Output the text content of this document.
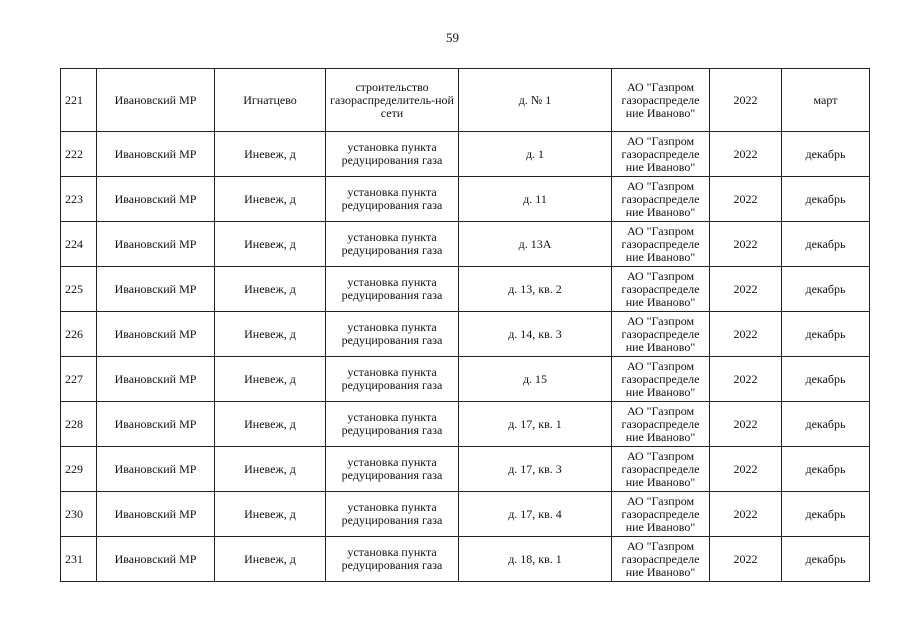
59
221	Ивановский МР	Игнатцево	строительство газораспределитель-ной сети	д. № 1	АО "Газпром газораспределе ние Иваново"	2022	март
222	Ивановский МР	Иневеж, д	установка пункта редуцирования газа	д. 1	АО "Газпром газораспределе ние Иваново"	2022	декабрь
223	Ивановский МР	Иневеж, д	установка пункта редуцирования газа	д. 11	АО "Газпром газораспределе ние Иваново"	2022	декабрь
224	Ивановский МР	Иневеж, д	установка пункта редуцирования газа	д. 13А	АО "Газпром газораспределе ние Иваново"	2022	декабрь
225	Ивановский МР	Иневеж, д	установка пункта редуцирования газа	д. 13, кв. 2	АО "Газпром газораспределе ние Иваново"	2022	декабрь
226	Ивановский МР	Иневеж, д	установка пункта редуцирования газа	д. 14, кв. 3	АО "Газпром газораспределе ние Иваново"	2022	декабрь
227	Ивановский МР	Иневеж, д	установка пункта редуцирования газа	д. 15	АО "Газпром газораспределе ние Иваново"	2022	декабрь
228	Ивановский МР	Иневеж, д	установка пункта редуцирования газа	д. 17, кв. 1	АО "Газпром газораспределе ние Иваново"	2022	декабрь
229	Ивановский МР	Иневеж, д	установка пункта редуцирования газа	д. 17, кв. 3	АО "Газпром газораспределе ние Иваново"	2022	декабрь
230	Ивановский МР	Иневеж, д	установка пункта редуцирования газа	д. 17, кв. 4	АО "Газпром газораспределе ние Иваново"	2022	декабрь
231	Ивановский МР	Иневеж, д	установка пункта редуцирования газа	д. 18, кв. 1	АО "Газпром газораспределе ние Иваново"	2022	декабрь
